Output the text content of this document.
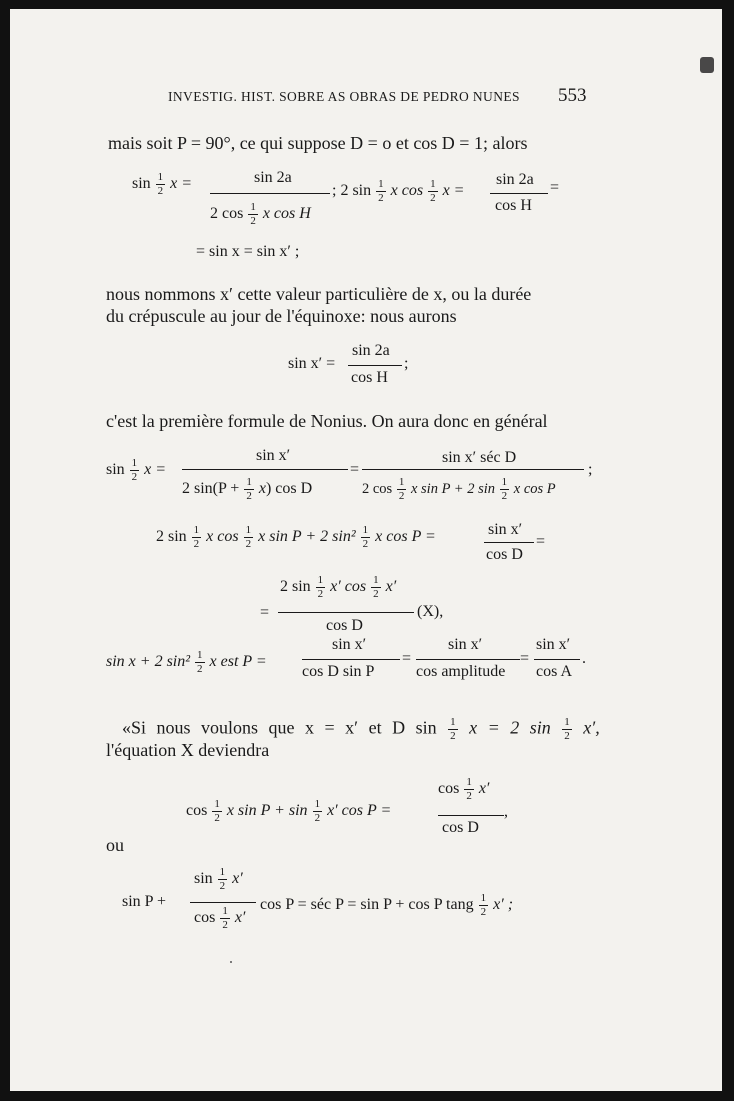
INVESTIG. HIST. SOBRE AS OBRAS DE PEDRO NUNES 553
mais soit P = 90°, ce qui suppose D = o et cos D = 1; alors
$\sin \frac{1}{2}$ x =	sin 2a
2 $\cos \frac{1}{2}$ x cos H
; 2 $\sin \frac{1}{2}$ x $\cos \frac{1}{2}$ x =
sin 2a
cos H
=
= sin x = sin x′ ;
nous nommons x′ cette valeur particulière de x, ou la durée
du crépuscule au jour de l'équinoxe: nous aurons
sin x′ =
sin 2a
cos H
;
c'est la première formule de Nonius. On aura donc en général
$\sin \frac{1}{2}$ x =
sin x′
2 $\sin(P + \frac{1}{2} x)$ cos D
=
sin x′ séc D
2 $\cos \frac{1}{2}$ x sin P + 2 $\sin \frac{1}{2}$ x cos P
;
2 $\sin \frac{1}{2}$ x $\cos \frac{1}{2}$ x sin P + 2 $\sin^2 \frac{1}{2}$ x cos P =	sin x′
cos D
=
=
2 $\sin \frac{1}{2} x'$ $\cos \frac{1}{2} x'$
cos D
(X),
sin x + 2 $\sin^2 \frac{1}{2}$ x est P =
sin x′
cos D sin P
=
sin x′
cos amplitude
=
sin x′
cos A
.
«Si nous voulons que x = x′ et D $\sin \frac{1}{2}$ x = 2 $\sin \frac{1}{2} x'$,
l'équation X deviendra
$\cos \frac{1}{2}$ x $\sin P + \sin \frac{1}{2} x'$ cos P =
$\cos \frac{1}{2} x'$
cos D
,
ou
sin P +
$\sin \frac{1}{2} x'$
$\cos \frac{1}{2} x'$
cos P = séc P = sin P + cos P tang $\frac{1}{2} x'$ ;
